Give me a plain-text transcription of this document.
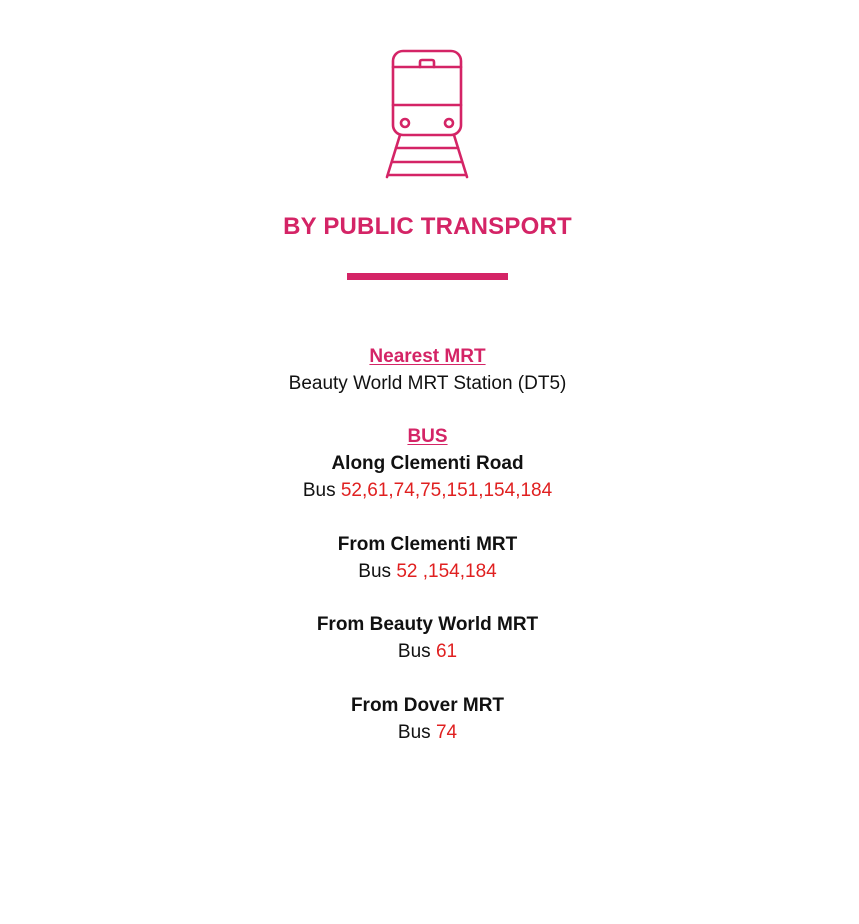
BY PUBLIC TRANSPORT
Nearest MRT
Beauty World MRT Station (DT5)
BUS
Along Clementi Road
Bus 52,61,74,75,151,154,184
From Clementi MRT
Bus 52 ,154,184
From Beauty World MRT
Bus 61
From Dover MRT
Bus 74
